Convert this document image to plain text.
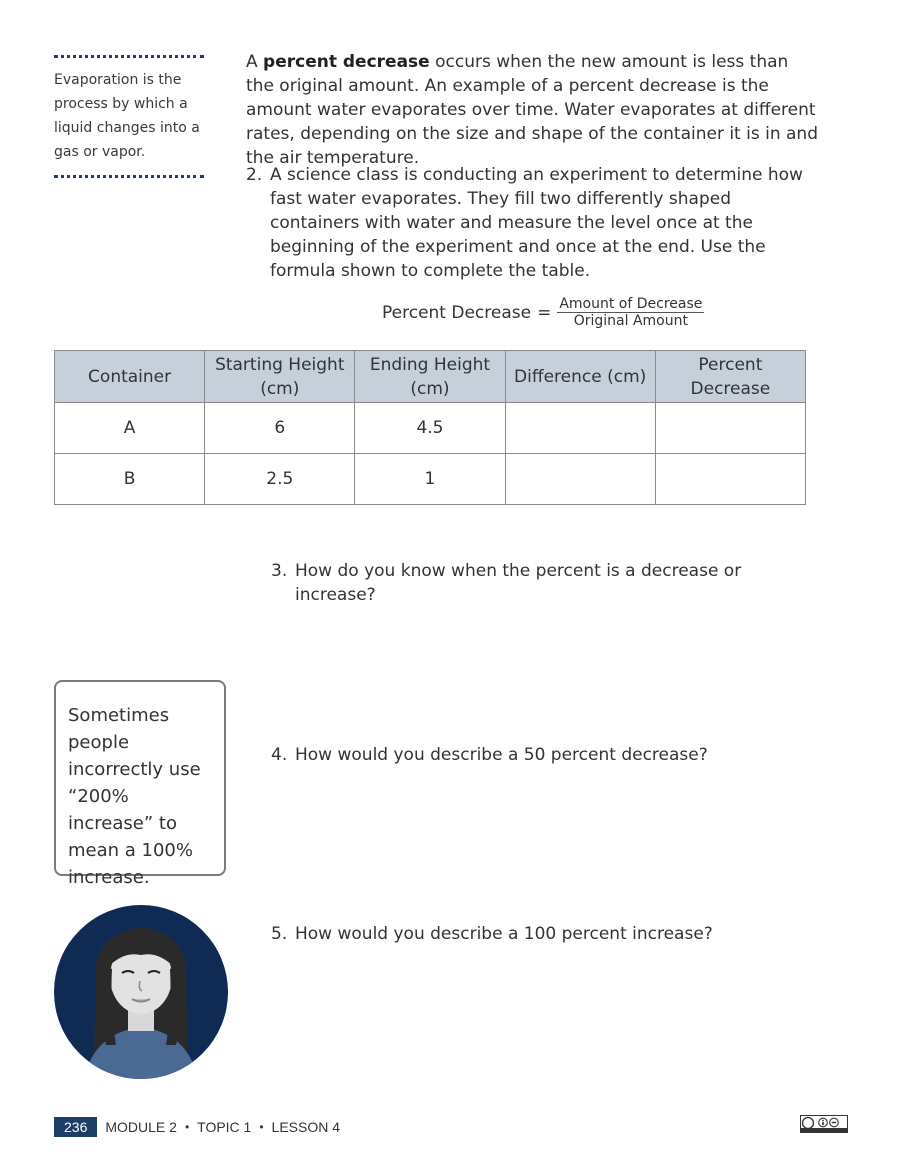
Evaporation is the process by which a liquid changes into a gas or vapor.

A percent decrease occurs when the new amount is less than the original amount. An example of a percent decrease is the amount water evaporates over time. Water evaporates at different rates, depending on the size and shape of the container it is in and the air temperature.

2. A science class is conducting an experiment to determine how fast water evaporates. They fill two differently shaped containers with water and measure the level once at the beginning of the experiment and once at the end. Use the formula shown to complete the table.
Percent Decrease = $\frac{\text{Amount of Decrease}}{\text{Original Amount}}$
Container	Starting Height (cm)	Ending Height (cm)	Difference (cm)	Percent Decrease
A	6	4.5		
B	2.5	1		
3. How do you know when the percent is a decrease or increase?
Sometimes people incorrectly use “200% increase” to mean a 100% increase.
4. How would you describe a 50 percent decrease?
5. How would you describe a 100 percent increase?
236	MODULE 2 • TOPIC 1 • LESSON 4
